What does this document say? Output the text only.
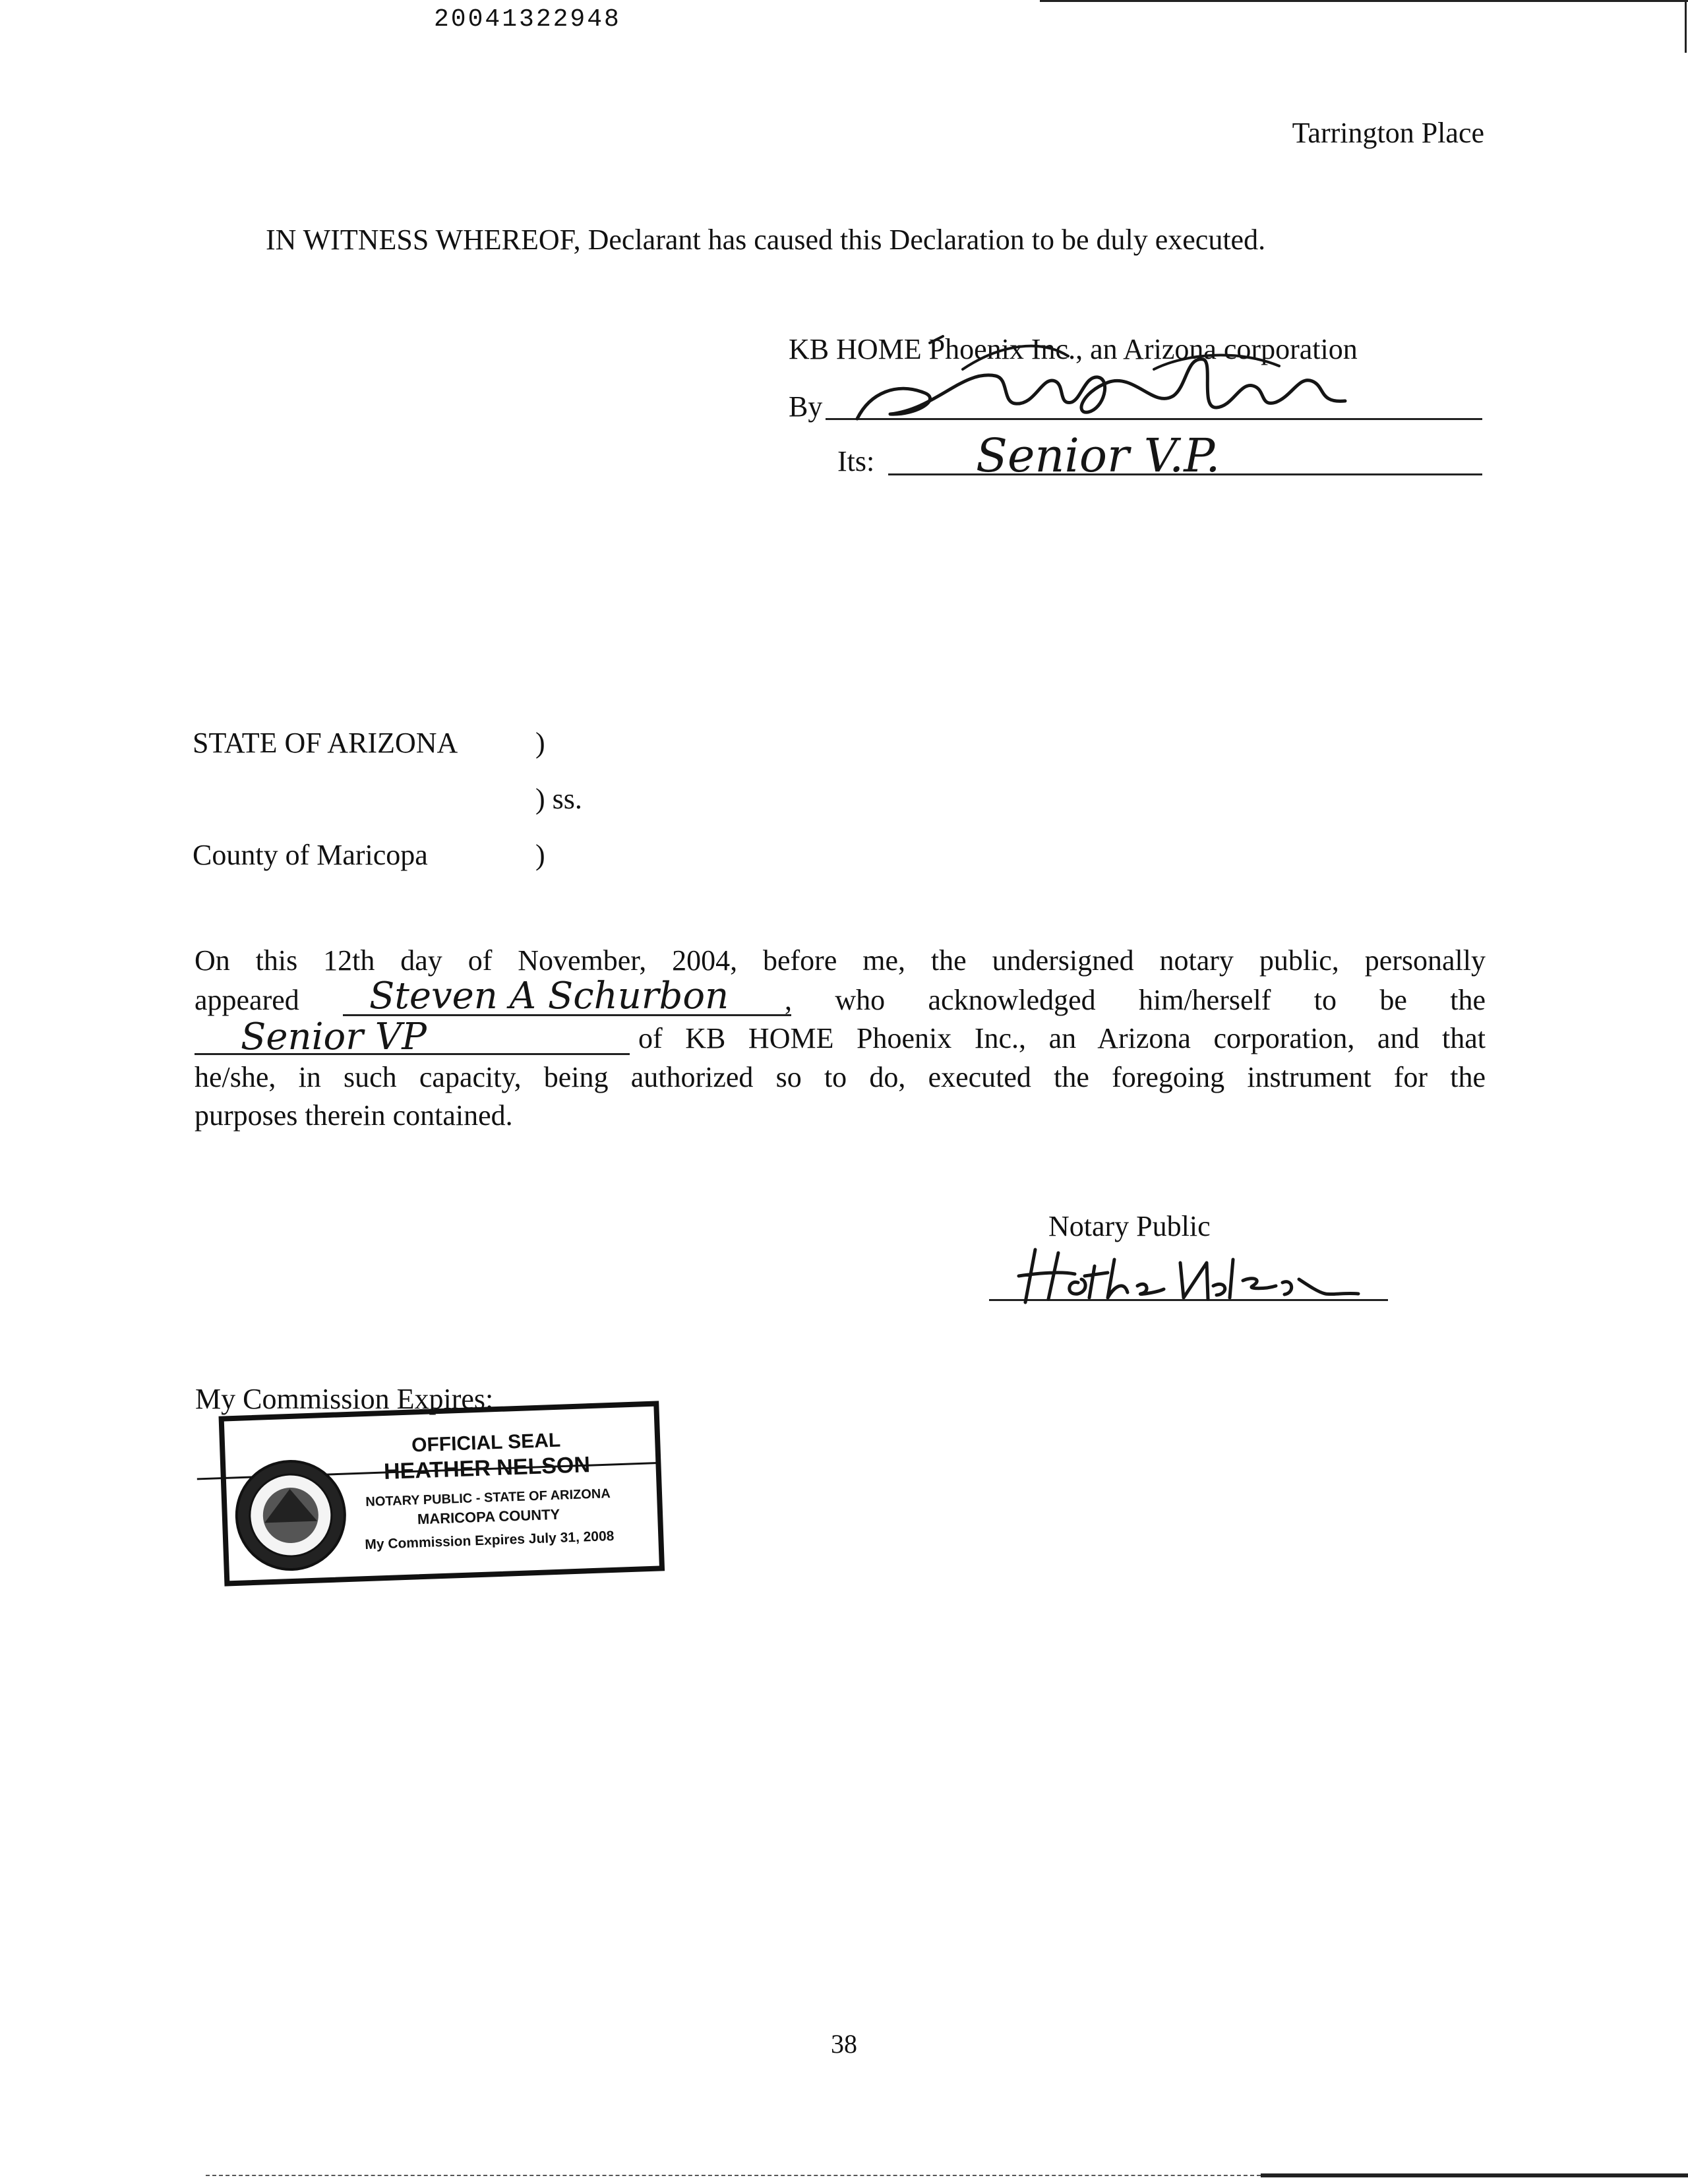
20041322948
Tarrington Place
IN WITNESS WHEREOF, Declarant has caused this Declaration to be duly executed.
KB HOME Phoenix Inc., an Arizona corporation
By
Its: Senior V.P.
STATE OF ARIZONA	)
) ss.
County of Maricopa	)
On this 12th day of November, 2004, before me, the undersigned notary public, personally
appeared Steven A Schurbon , who acknowledged him/herself to be the
Senior VP	of KB HOME Phoenix Inc., an Arizona corporation, and that
he/she, in such capacity, being authorized so to do, executed the foregoing instrument for the
purposes therein contained.
Notary Public
My Commission Expires:
OFFICIAL SEAL
HEATHER NELSON
NOTARY PUBLIC - STATE OF ARIZONA
MARICOPA COUNTY
My Commission Expires July 31, 2008
38
